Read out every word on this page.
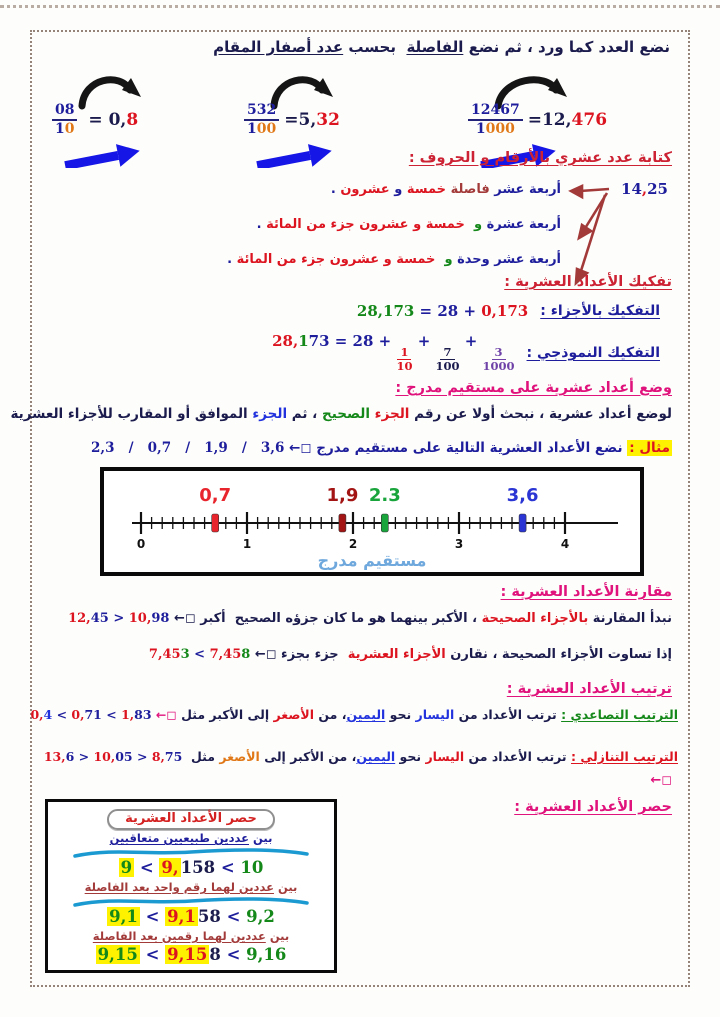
نضع العدد كما ورد ، ثم نضع الفاصلة  بحسب عدد أصفار المقام
$\frac{08}{10} = 0,8$	$\frac{532}{100} =5,32$	$\frac{12467}{1000} =12,476$
كتابة عدد عشري بالأرقام و الحروف :
14,25
أربعة عشر
فاصلة

خمسة
و
عشرون
.
أربعة عشرة
و

خمسة و عشرون جزء من المائة
.
أربعة عشر وحدة
و

خمسة و عشرون جزء من المائة
.
تفكيك الأعداد العشرية :
التفكيك بالأجزاء :
28,173 = 28 + 0,173
التفكيك النموذجي :
28,173 = 28 +
$\frac{1}{10}$
+
$\frac{7}{100}$
+
$\frac{3}{1000}$
وضع أعداد عشرية على مستقيم مدرج :
لوضع أعداد عشرية ، نبحث أولا عن رقم الجزء الصحيح ، ثم الجزء الموافق أو المقارب للأجزاء العشرية
مثال : نضع الأعداد العشرية التالية على مستقيم مدرج ◻← 2,3   /   0,7   /   1,9   /   3,6
0	1	2	3	4
0,7	1,9 2.3	3,6
مستقيم مدرج
مقارنة الأعداد العشرية :
نبدأ المقارنة بالأجزاء الصحيحة ، الأكبر بينهما هو ما كان جزؤه الصحيح  أكبر ◻← 12,45 > 10,98
إذا تساوت الأجزاء الصحيحة ، نقارن الأجزاء العشرية  جزء بجزء ◻← 7,453 < 7,458
ترتيب الأعداد العشرية :
الترتيب التصاعدي : ترتب الأعداد من اليسار نحو اليمين، من الأصغر إلى الأكبر مثل ◻← 0,4 < 0,71 < 1,83
الترتيب التنازلي : ترتب الأعداد من اليسار نحو اليمين، من الأكبر إلى الأصغر مثل  13,6 > 10,05 > 8,75
◻←
حصر الأعداد العشرية :
حصر الأعداد العشرية
بين عددين طبيعيين متعاقبين
9 < 9, 158 < 10
بين عددين لهما رقم واحد بعد الفاصلة
9,1 < 9,1 58 < 9,2
بين عددين لهما رقمين بعد الفاصلة
9,15 < 9,15 8 < 9,16
